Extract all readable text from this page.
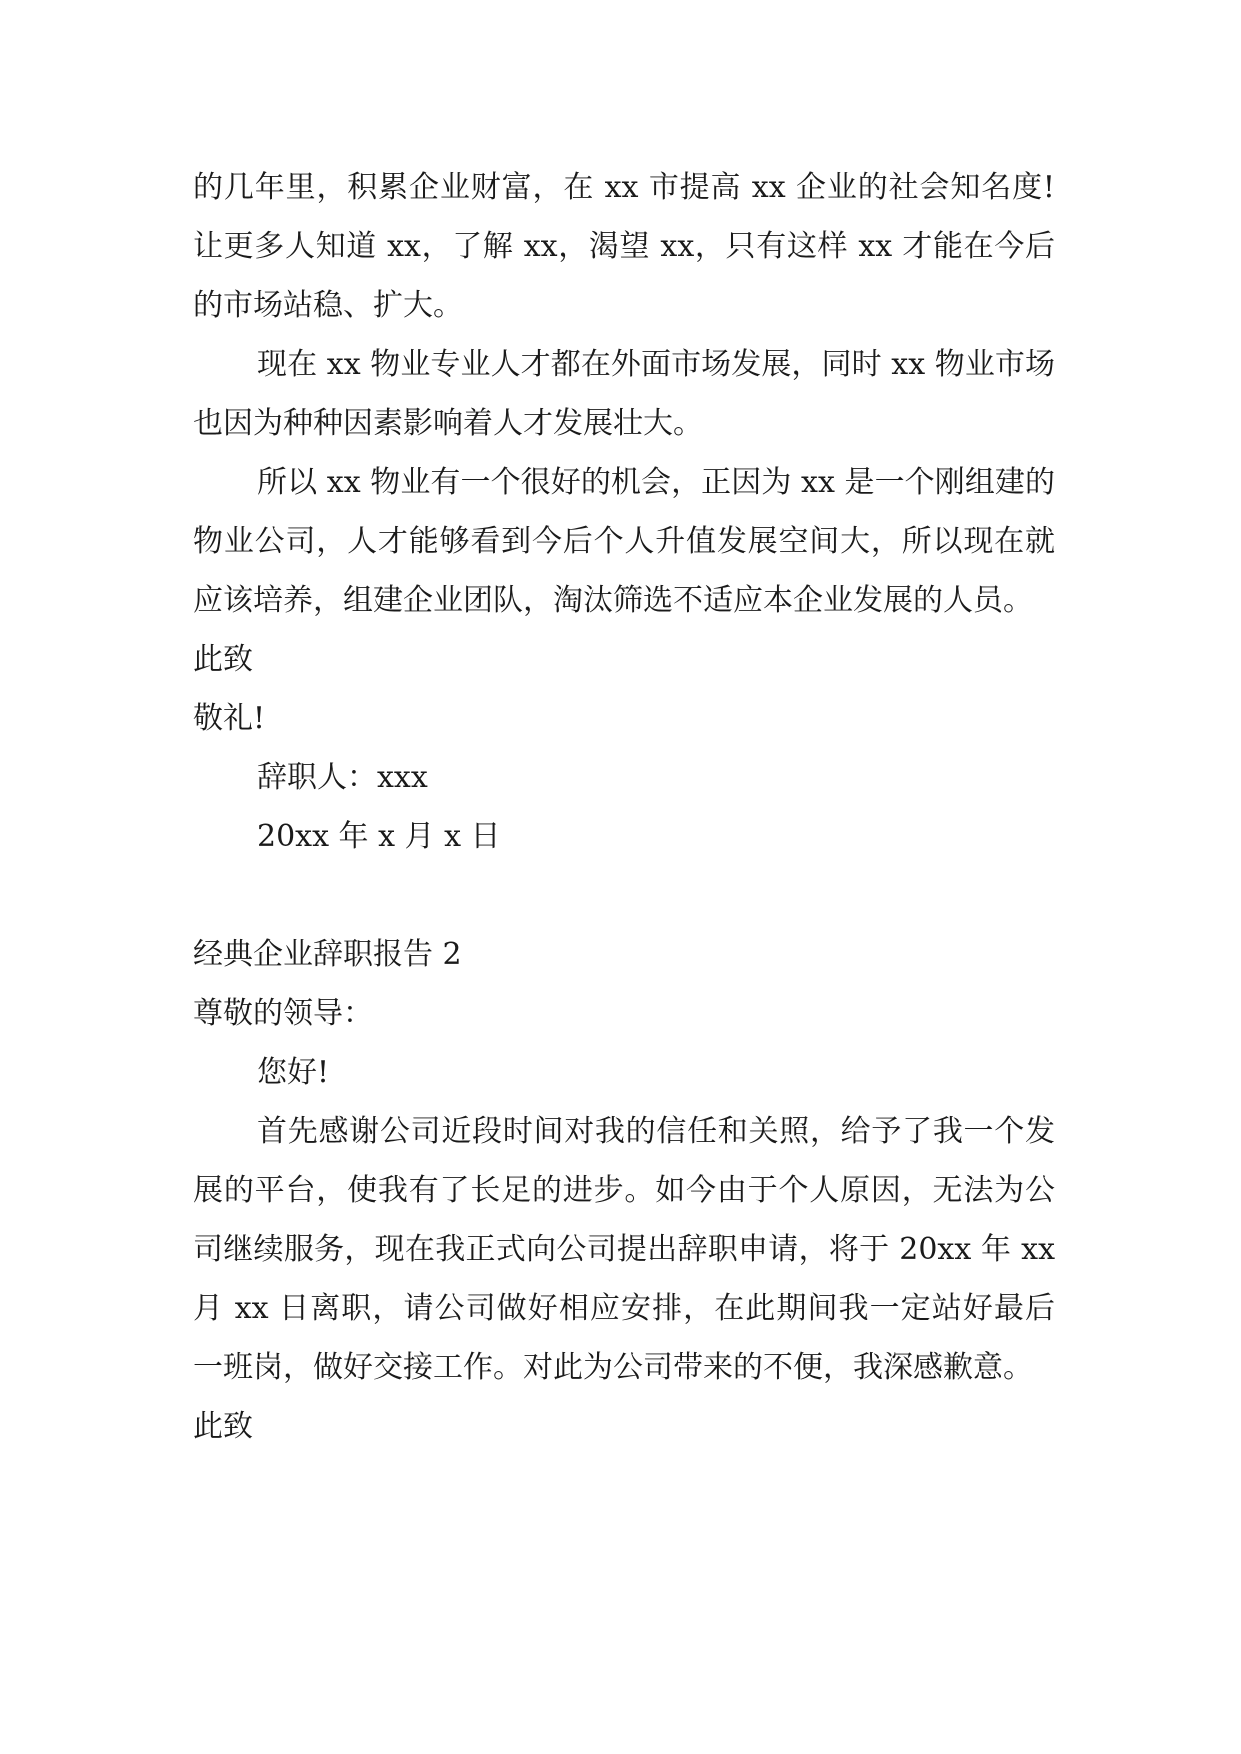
的几年里，积累企业财富，在 xx 市提高 xx 企业的社会知名度!让更多人知道 xx，了解 xx，渴望 xx，只有这样 xx 才能在今后的市场站稳、扩大。

现在 xx 物业专业人才都在外面市场发展，同时 xx 物业市场也因为种种因素影响着人才发展壮大。

所以 xx 物业有一个很好的机会，正因为 xx 是一个刚组建的物业公司，人才能够看到今后个人升值发展空间大，所以现在就应该培养，组建企业团队，淘汰筛选不适应本企业发展的人员。

此致

敬礼!

辞职人：xxx

20xx 年 x 月 x 日

经典企业辞职报告 2

尊敬的领导：

您好!

首先感谢公司近段时间对我的信任和关照，给予了我一个发展的平台，使我有了长足的进步。如今由于个人原因，无法为公司继续服务，现在我正式向公司提出辞职申请，将于 20xx 年 xx 月 xx 日离职，请公司做好相应安排，在此期间我一定站好最后一班岗，做好交接工作。对此为公司带来的不便，我深感歉意。

此致
